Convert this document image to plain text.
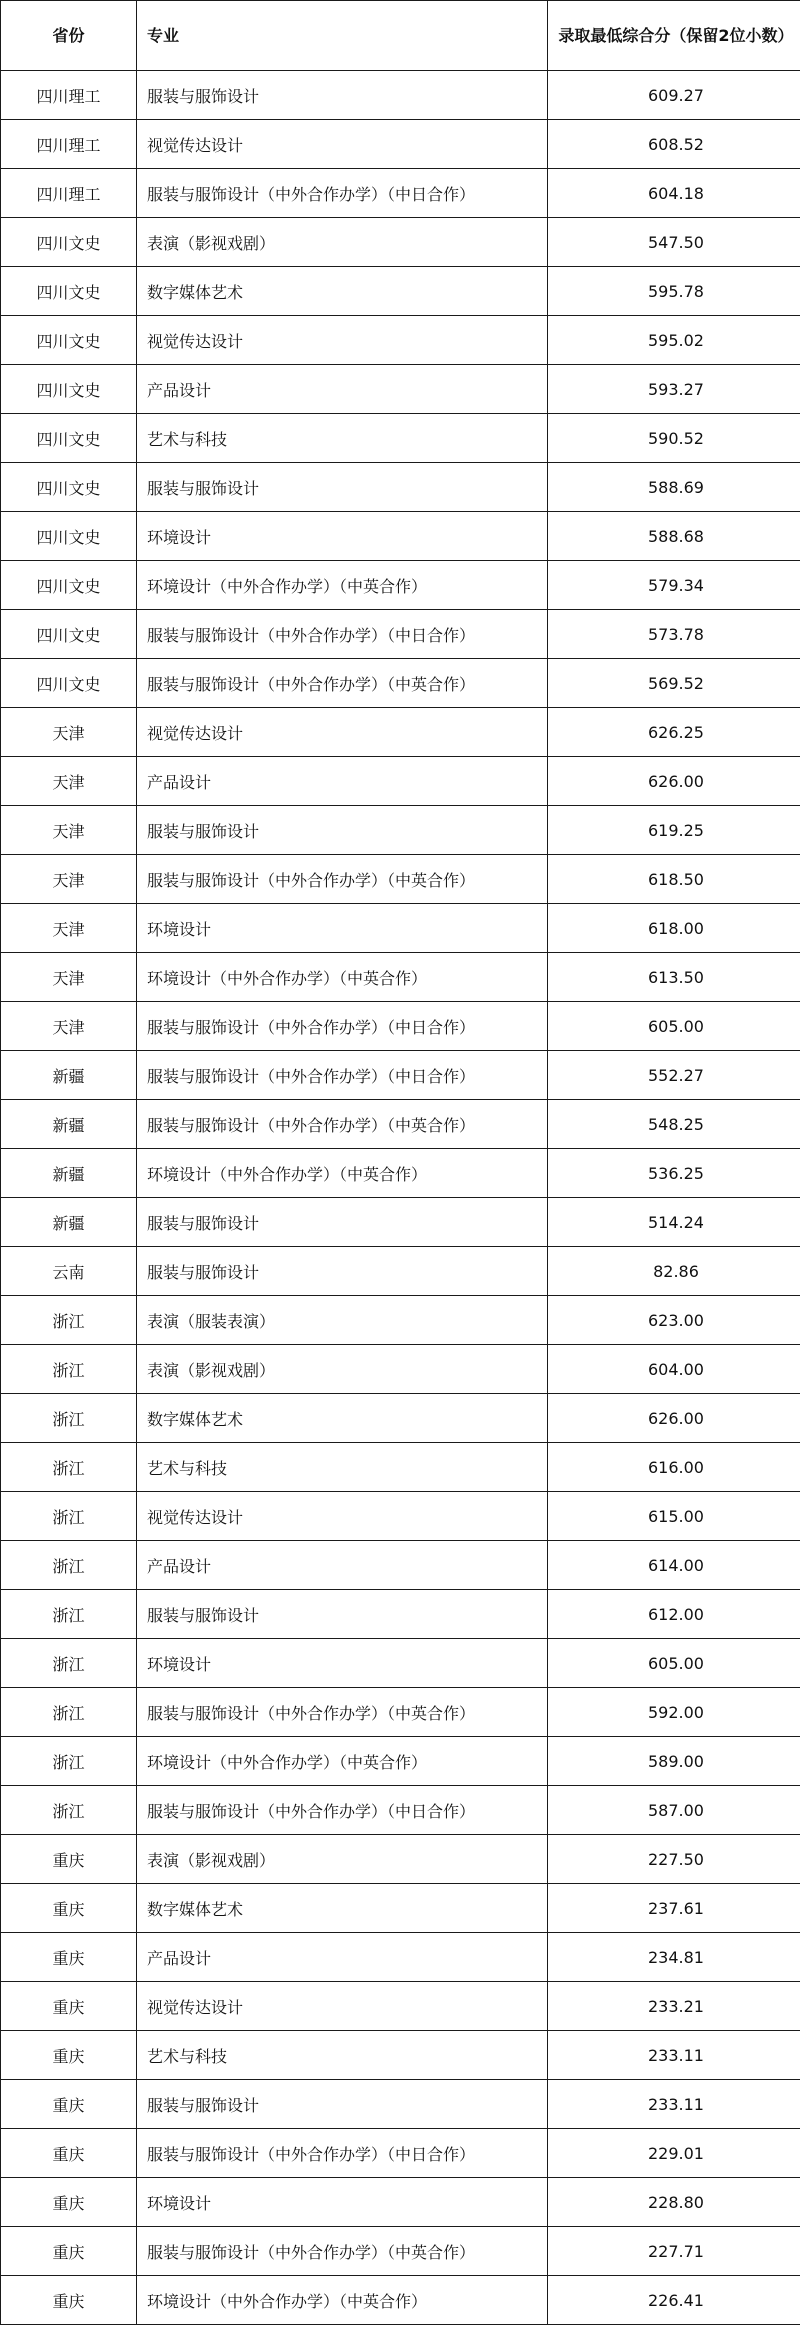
省份	专业	录取最低综合分（保留2位小数）
四川理工	服装与服饰设计	609.27
四川理工	视觉传达设计	608.52
四川理工	服装与服饰设计（中外合作办学）（中日合作）	604.18
四川文史	表演（影视戏剧）	547.50
四川文史	数字媒体艺术	595.78
四川文史	视觉传达设计	595.02
四川文史	产品设计	593.27
四川文史	艺术与科技	590.52
四川文史	服装与服饰设计	588.69
四川文史	环境设计	588.68
四川文史	环境设计（中外合作办学）（中英合作）	579.34
四川文史	服装与服饰设计（中外合作办学）（中日合作）	573.78
四川文史	服装与服饰设计（中外合作办学）（中英合作）	569.52
天津	视觉传达设计	626.25
天津	产品设计	626.00
天津	服装与服饰设计	619.25
天津	服装与服饰设计（中外合作办学）（中英合作）	618.50
天津	环境设计	618.00
天津	环境设计（中外合作办学）（中英合作）	613.50
天津	服装与服饰设计（中外合作办学）（中日合作）	605.00
新疆	服装与服饰设计（中外合作办学）（中日合作）	552.27
新疆	服装与服饰设计（中外合作办学）（中英合作）	548.25
新疆	环境设计（中外合作办学）（中英合作）	536.25
新疆	服装与服饰设计	514.24
云南	服装与服饰设计	82.86
浙江	表演（服装表演）	623.00
浙江	表演（影视戏剧）	604.00
浙江	数字媒体艺术	626.00
浙江	艺术与科技	616.00
浙江	视觉传达设计	615.00
浙江	产品设计	614.00
浙江	服装与服饰设计	612.00
浙江	环境设计	605.00
浙江	服装与服饰设计（中外合作办学）（中英合作）	592.00
浙江	环境设计（中外合作办学）（中英合作）	589.00
浙江	服装与服饰设计（中外合作办学）（中日合作）	587.00
重庆	表演（影视戏剧）	227.50
重庆	数字媒体艺术	237.61
重庆	产品设计	234.81
重庆	视觉传达设计	233.21
重庆	艺术与科技	233.11
重庆	服装与服饰设计	233.11
重庆	服装与服饰设计（中外合作办学）（中日合作）	229.01
重庆	环境设计	228.80
重庆	服装与服饰设计（中外合作办学）（中英合作）	227.71
重庆	环境设计（中外合作办学）（中英合作）	226.41
